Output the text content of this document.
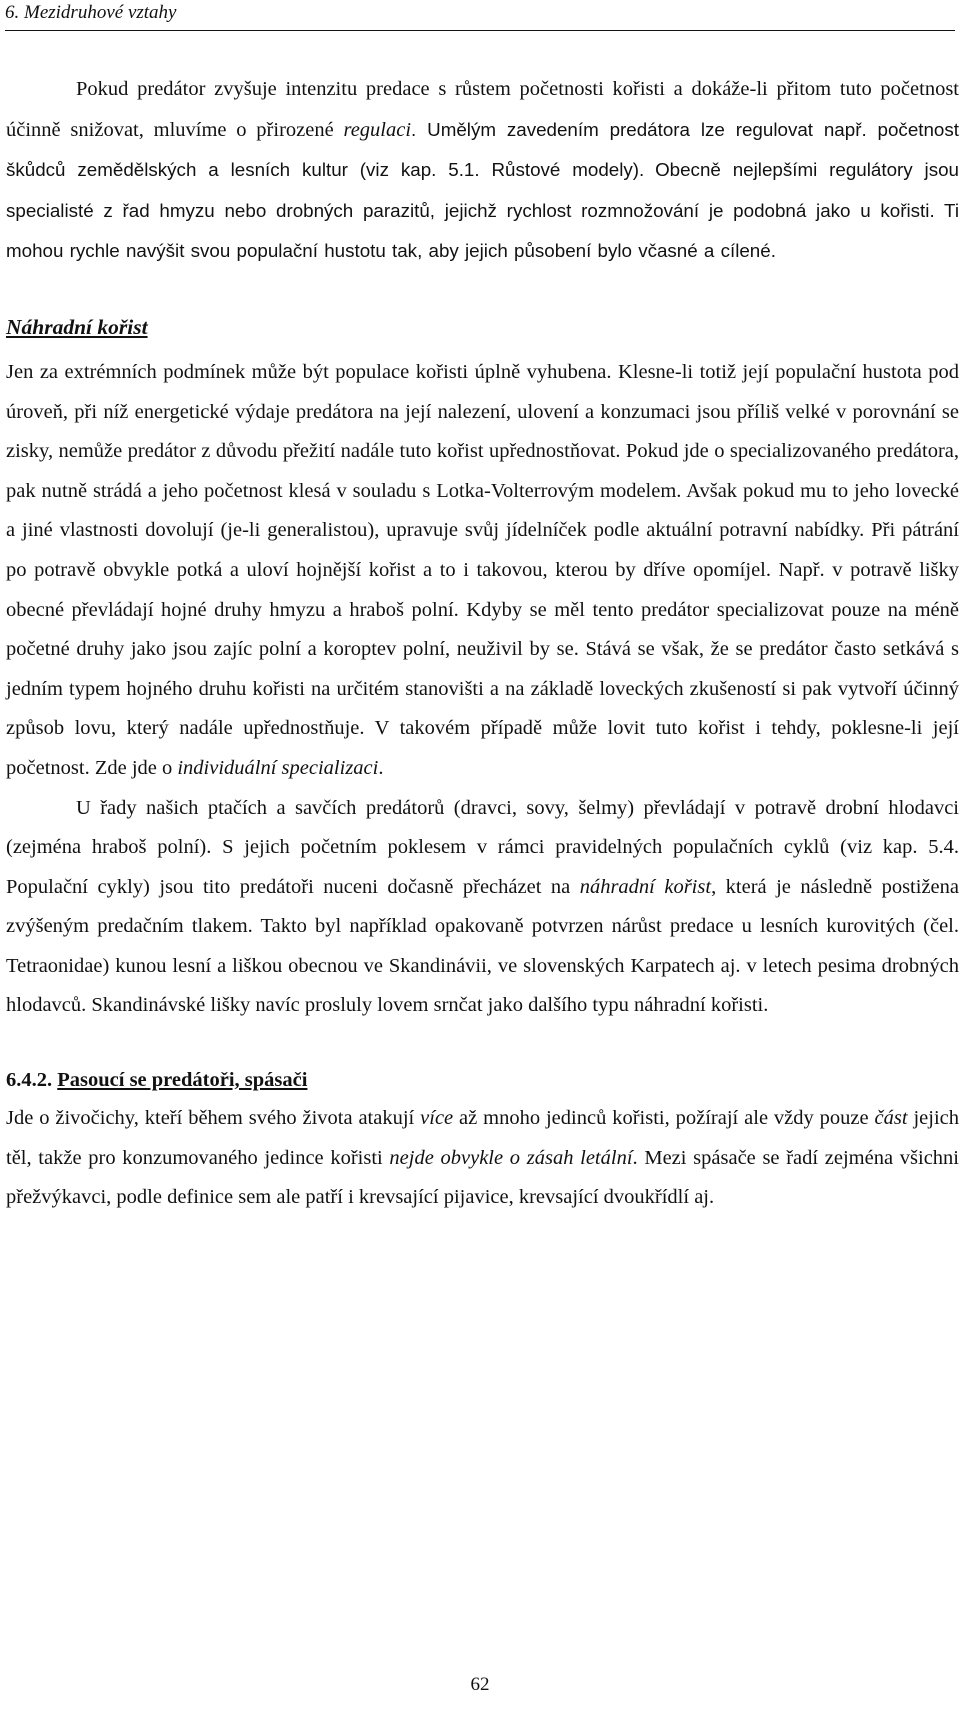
6. Mezidruhové vztahy

Pokud predátor zvyšuje intenzitu predace s růstem početnosti kořisti a dokáže-li přitom tuto početnost účinně snižovat, mluvíme o přirozené regulaci. Umělým zavedením predátora lze regulovat např. početnost škůdců zemědělských a lesních kultur (viz kap. 5.1. Růstové modely). Obecně nejlepšími regulátory jsou specialisté z řad hmyzu nebo drobných parazitů, jejichž rychlost rozmnožování je podobná jako u kořisti. Ti mohou rychle navýšit svou populační hustotu tak, aby jejich působení bylo včasné a cílené.

Náhradní kořist

Jen za extrémních podmínek může být populace kořisti úplně vyhubena. Klesne-li totiž její populační hustota pod úroveň, při níž energetické výdaje predátora na její nalezení, ulovení a konzumaci jsou příliš velké v porovnání se zisky, nemůže predátor z důvodu přežití nadále tuto kořist upřednostňovat. Pokud jde o specializovaného predátora, pak nutně strádá a jeho početnost klesá v souladu s Lotka-Volterrovým modelem. Avšak pokud mu to jeho lovecké a jiné vlastnosti dovolují (je-li generalistou), upravuje svůj jídelníček podle aktuální potravní nabídky. Při pátrání po potravě obvykle potká a uloví hojnější kořist a to i takovou, kterou by dříve opomíjel. Např. v potravě lišky obecné převládají hojné druhy hmyzu a hraboš polní. Kdyby se měl tento predátor specializovat pouze na méně početné druhy jako jsou zajíc polní a koroptev polní, neuživil by se. Stává se však, že se predátor často setkává s jedním typem hojného druhu kořisti na určitém stanovišti a na základě loveckých zkušeností si pak vytvoří účinný způsob lovu, který nadále upřednostňuje. V takovém případě může lovit tuto kořist i tehdy, poklesne-li její početnost. Zde jde o individuální specializaci.

U řady našich ptačích a savčích predátorů (dravci, sovy, šelmy) převládají v potravě drobní hlodavci (zejména hraboš polní). S jejich početním poklesem v rámci pravidelných populačních cyklů (viz kap. 5.4. Populační cykly) jsou tito predátoři nuceni dočasně přecházet na náhradní kořist, která je následně postižena zvýšeným predačním tlakem. Takto byl například opakovaně potvrzen nárůst predace u lesních kurovitých (čel. Tetraonidae) kunou lesní a liškou obecnou ve Skandinávii, ve slovenských Karpatech aj. v letech pesima drobných hlodavců. Skandinávské lišky navíc prosluly lovem srnčat jako dalšího typu náhradní kořisti.

6.4.2. Pasoucí se predátoři, spásači

Jde o živočichy, kteří během svého života atakují více až mnoho jedinců kořisti, požírají ale vždy pouze část jejich těl, takže pro konzumovaného jedince kořisti nejde obvykle o zásah letální. Mezi spásače se řadí zejména všichni přežvýkavci, podle definice sem ale patří i krevsající pijavice, krevsající dvoukřídlí aj.

62
